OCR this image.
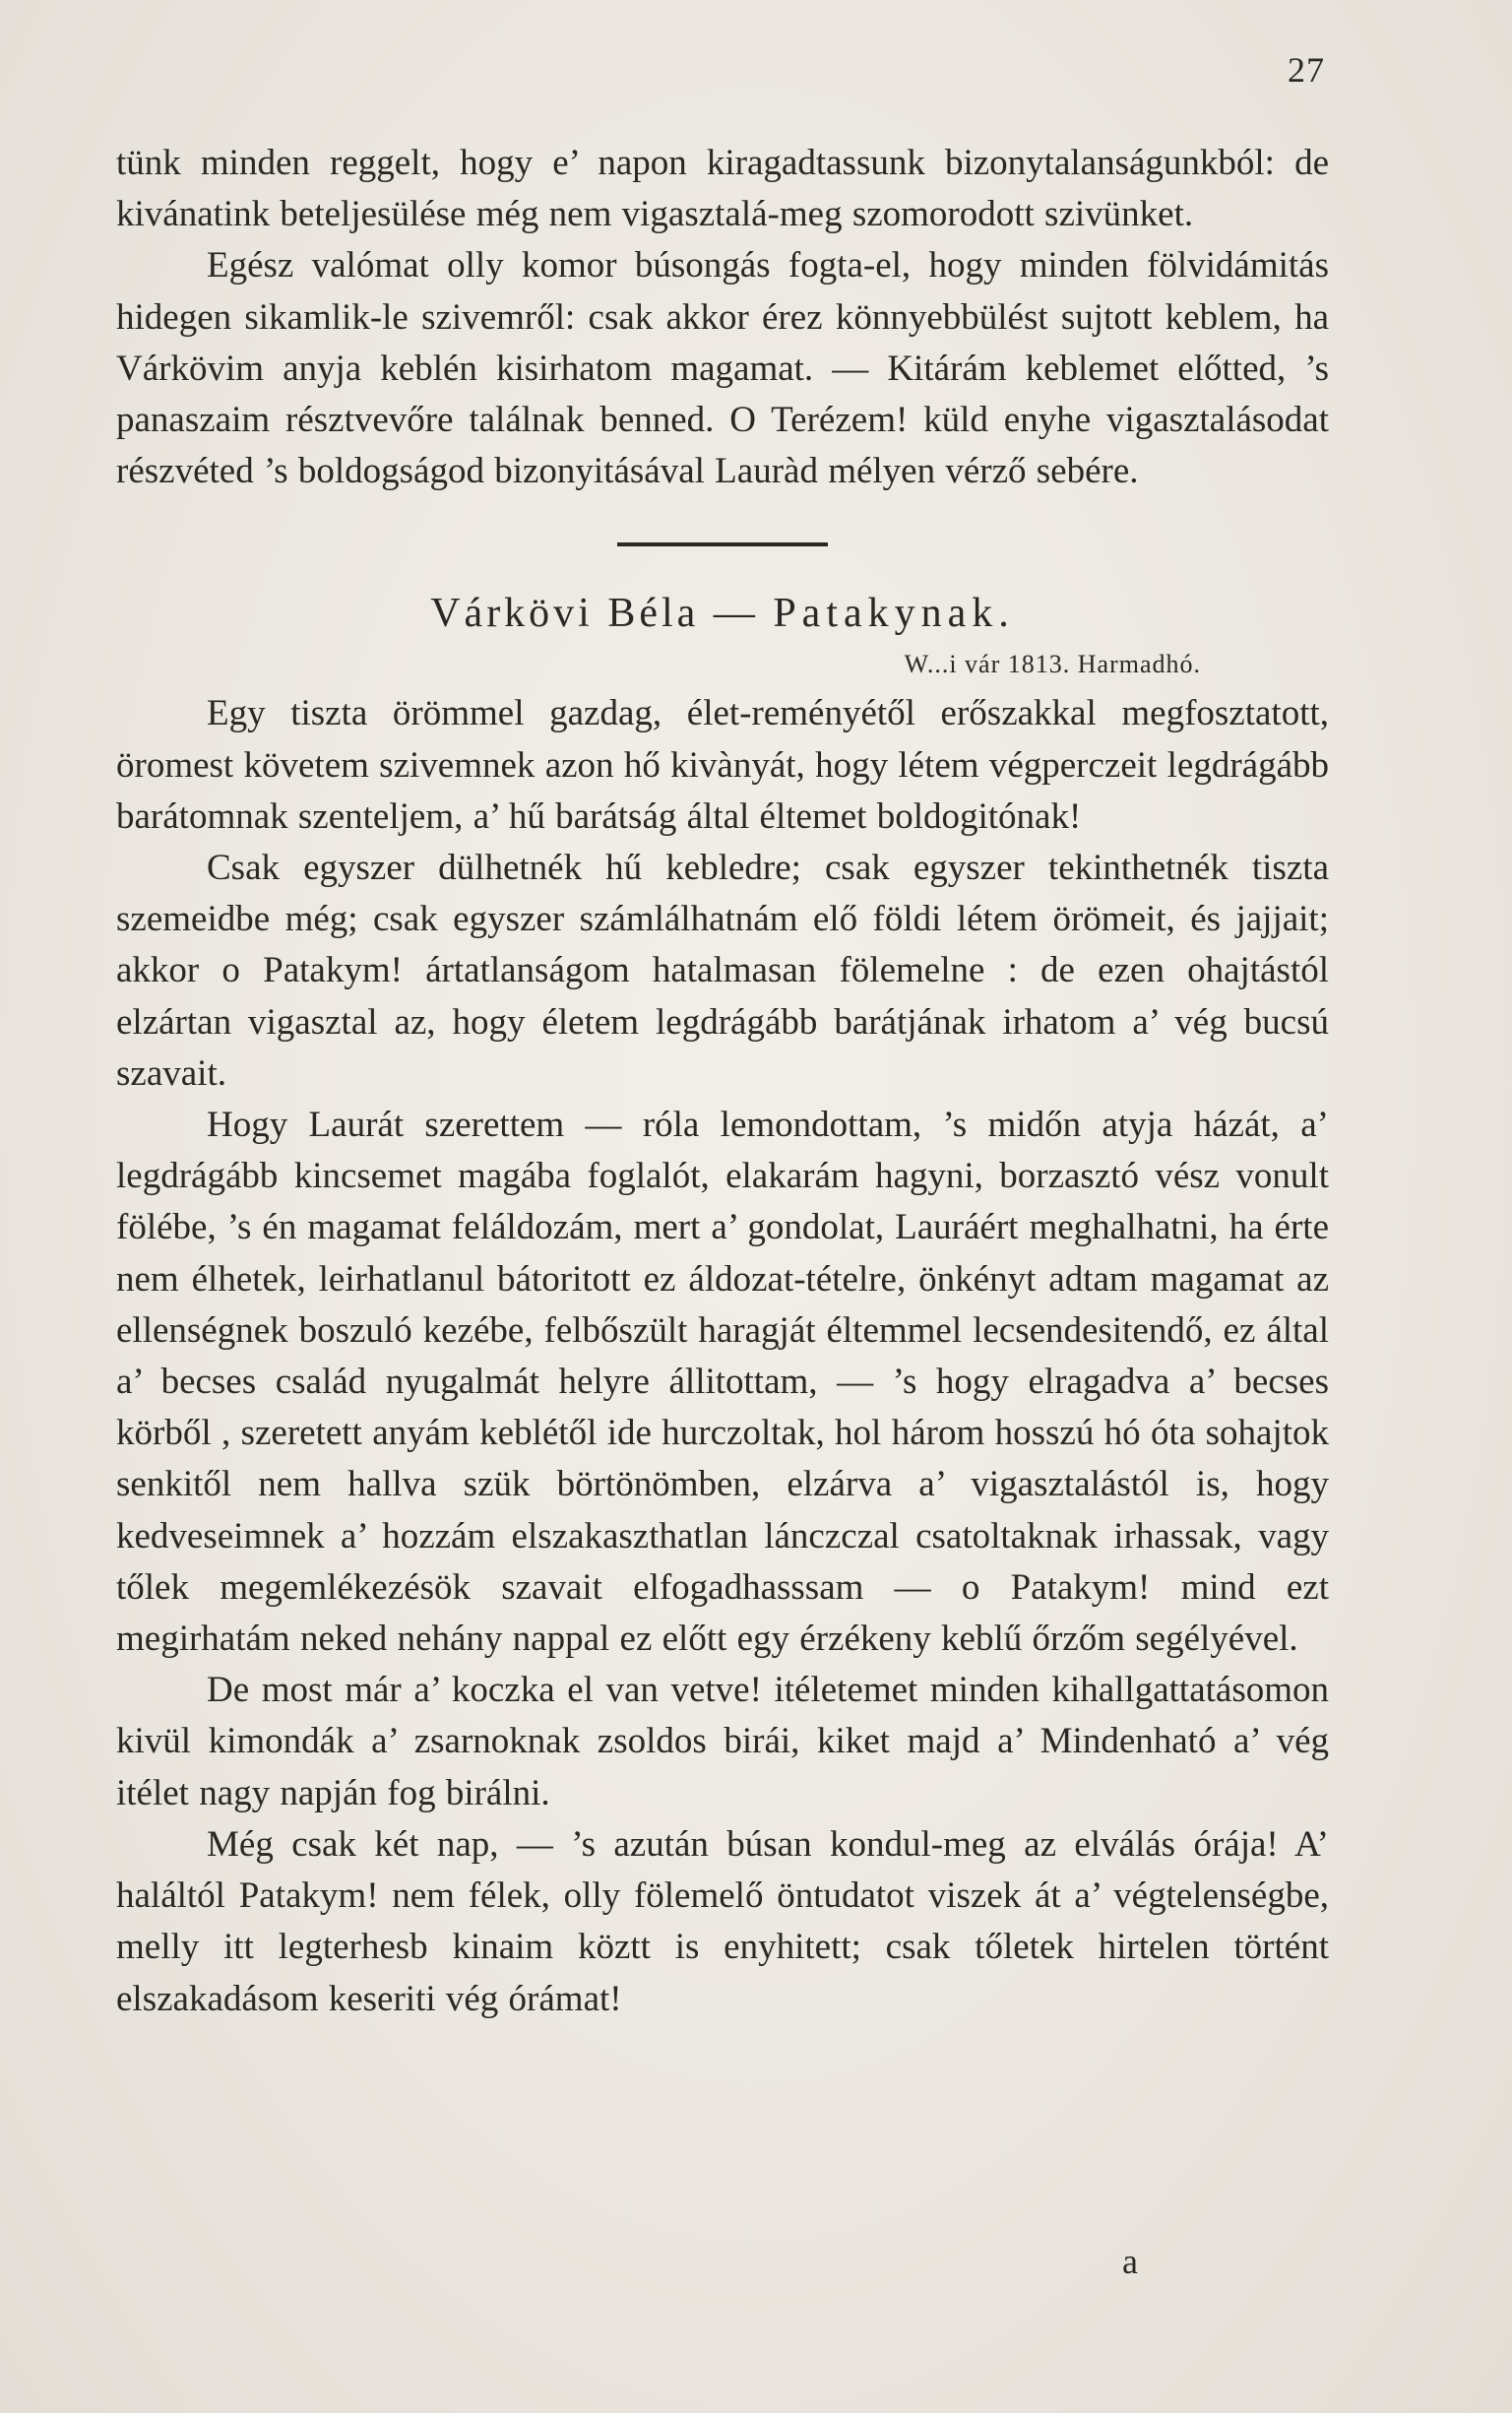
27

tünk minden reggelt, hogy e’ napon kiragadtassunk bizonytalanságunkból: de kivánatink beteljesülése még nem vigasztalá-meg szomorodott szivünket.

Egész valómat olly komor búsongás fogta-el, hogy minden fölvidámitás hidegen sikamlik-le szivemről: csak akkor érez könnyebbülést sujtott keblem, ha Várkövim anyja keblén kisirhatom magamat. — Kitárám keblemet előtted, ’s panaszaim résztvevőre találnak benned. O Terézem! küld enyhe vigasztalásodat részvéted ’s boldogságod bizonyitásával Lauràd mélyen vérző sebére.

Várkövi Béla — Patakynak.

W...i vár 1813. Harmadhó.

Egy tiszta örömmel gazdag, élet-reményétől erőszakkal megfosztatott, öromest követem szivemnek azon hő kivànyát, hogy létem végperczeit legdrágább barátomnak szenteljem, a’ hű barátság által éltemet boldogitónak!

Csak egyszer dülhetnék hű kebledre; csak egyszer tekinthetnék tiszta szemeidbe még; csak egyszer számlálhatnám elő földi létem örömeit, és jajjait; akkor o Patakym! ártatlanságom hatalmasan fölemelne : de ezen ohajtástól elzártan vigasztal az, hogy életem legdrágább barátjának irhatom a’ vég bucsú szavait.

Hogy Laurát szerettem — róla lemondottam, ’s midőn atyja házát, a’ legdrágább kincsemet magába foglalót, elakarám hagyni, borzasztó vész vonult fölébe, ’s én magamat feláldozám, mert a’ gondolat, Lauráért meghalhatni, ha érte nem élhetek, leirhatlanul bátoritott ez áldozat-tételre, önkényt adtam magamat az ellenségnek boszuló kezébe, felbőszült haragját éltemmel lecsendesitendő, ez által a’ becses család nyugalmát helyre állitottam, — ’s hogy elragadva a’ becses körből , szeretett anyám keblétől ide hurczoltak, hol három hosszú hó óta sohajtok senkitől nem hallva szük börtönömben, elzárva a’ vigasztalástól is, hogy kedveseimnek a’ hozzám elszakaszthatlan lánczczal csatoltaknak irhassak, vagy tőlek megemlékezésök szavait elfogadhasssam — o Patakym! mind ezt megirhatám neked nehány nappal ez előtt egy érzékeny keblű őrzőm segélyével.

De most már a’ koczka el van vetve! itéletemet minden kihallgattatásomon kivül kimondák a’ zsarnoknak zsoldos birái, kiket majd a’ Mindenható a’ vég itélet nagy napján fog birálni.

Még csak két nap, — ’s azután búsan kondul-meg az elválás órája! A’ haláltól Patakym! nem félek, olly fölemelő öntudatot viszek át a’ végtelenségbe, melly itt legterhesb kinaim köztt is enyhitett; csak tőletek hirtelen történt elszakadásom keseriti vég órámat!

a
